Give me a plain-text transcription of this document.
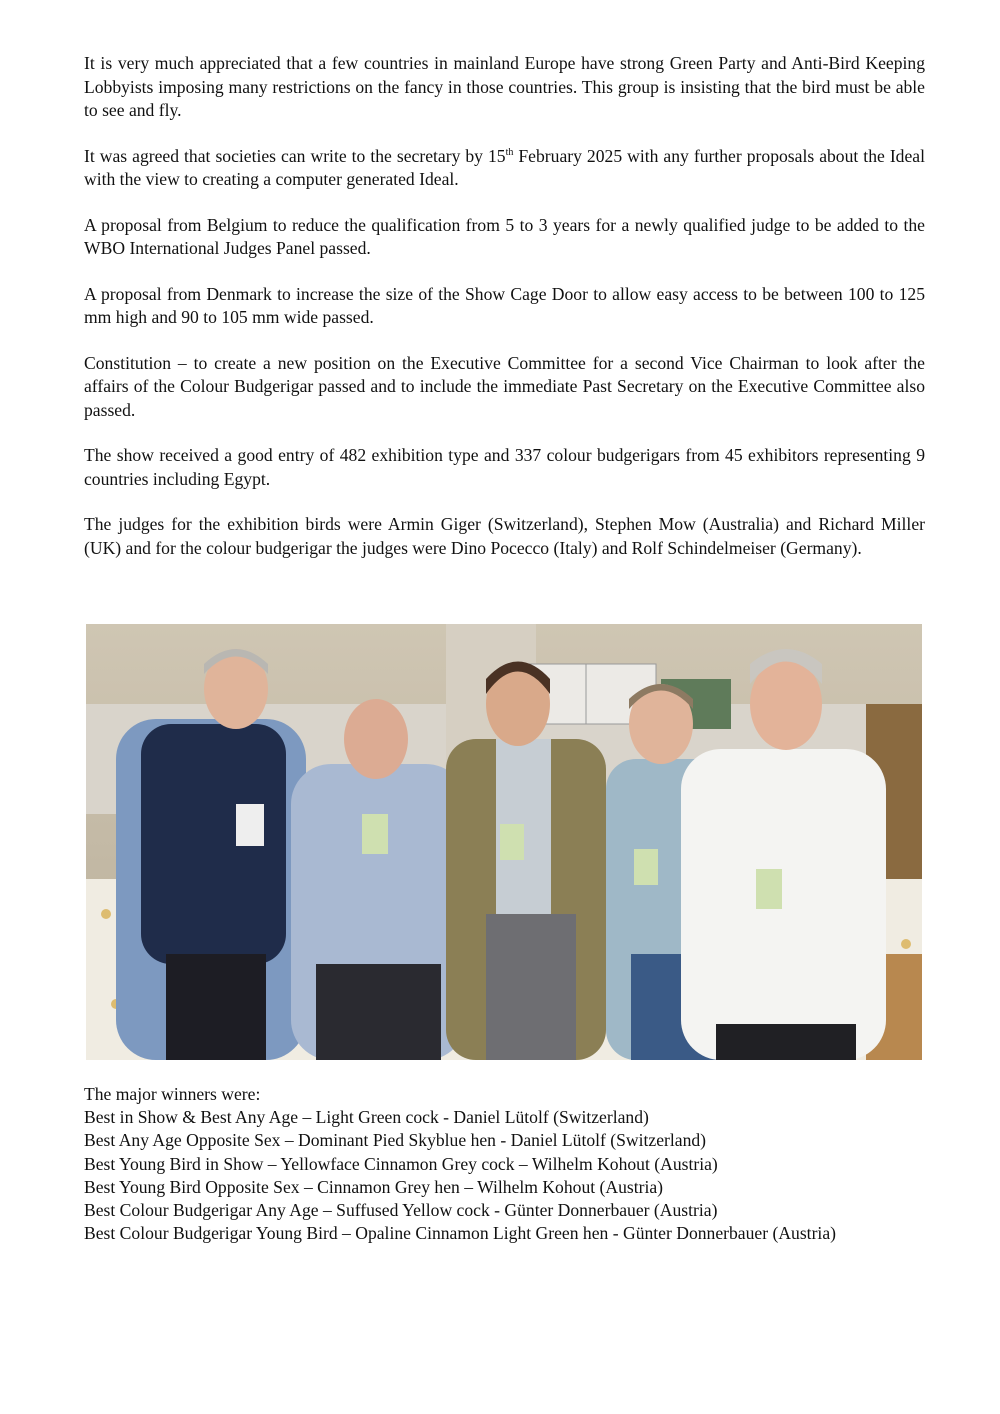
It is very much appreciated that a few countries in mainland Europe have strong Green Party and Anti-Bird Keeping Lobbyists imposing many restrictions on the fancy in those countries. This group is insisting that the bird must be able to see and fly.

It was agreed that societies can write to the secretary by 15th February 2025 with any further proposals about the Ideal with the view to creating a computer generated Ideal.

A proposal from Belgium to reduce the qualification from 5 to 3 years for a newly qualified judge to be added to the WBO International Judges Panel passed.

A proposal from Denmark to increase the size of the Show Cage Door to allow easy access to be between 100 to 125 mm high and 90 to 105 mm wide passed.

Constitution – to create a new position on the Executive Committee for a second Vice Chairman to look after the affairs of the Colour Budgerigar passed and to include the immediate Past Secretary on the Executive Committee also passed.

The show received a good entry of 482 exhibition type and 337 colour budgerigars from 45 exhibitors representing 9 countries including Egypt.

The judges for the exhibition birds were Armin Giger (Switzerland), Stephen Mow (Australia) and Richard Miller (UK) and for the colour budgerigar the judges were Dino Pocecco (Italy) and Rolf Schindelmeiser (Germany).

The major winners were:
Best in Show & Best Any Age – Light Green cock - Daniel Lütolf (Switzerland)
Best Any Age Opposite Sex – Dominant Pied Skyblue hen - Daniel Lütolf (Switzerland)
Best Young Bird in Show – Yellowface Cinnamon Grey cock – Wilhelm Kohout (Austria)
Best Young Bird Opposite Sex – Cinnamon Grey hen – Wilhelm Kohout (Austria)
Best Colour Budgerigar Any Age – Suffused Yellow cock - Günter Donnerbauer (Austria)
Best Colour Budgerigar Young Bird – Opaline Cinnamon Light Green hen - Günter Donnerbauer (Austria)
